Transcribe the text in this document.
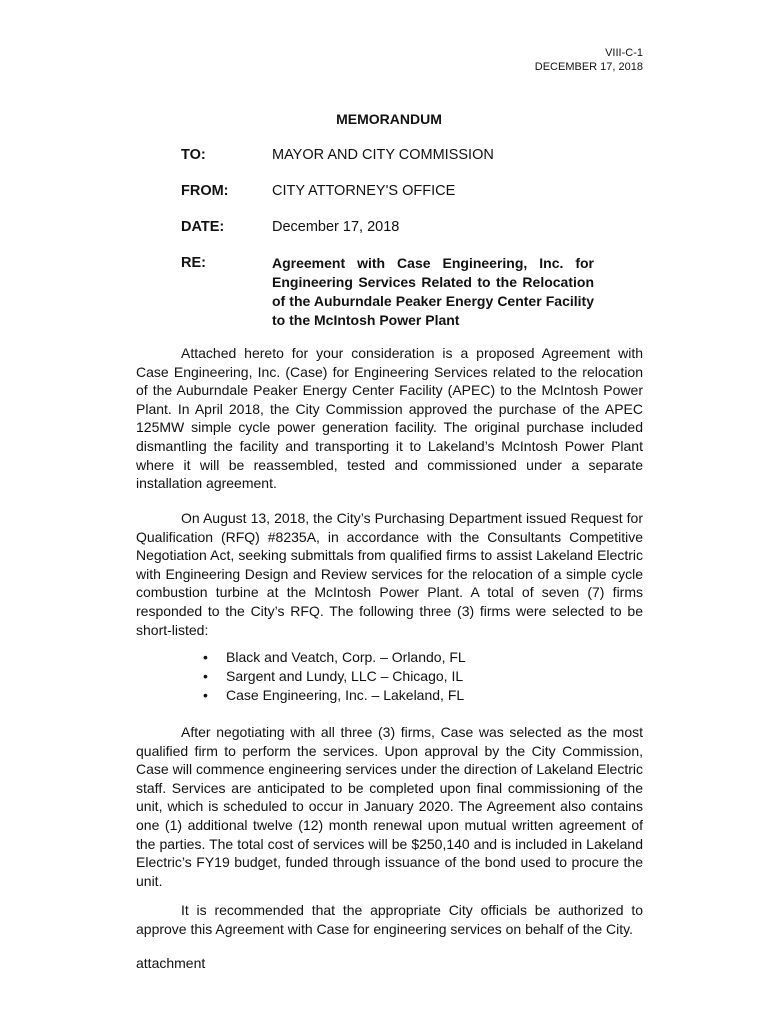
VIII-C-1
DECEMBER 17, 2018
MEMORANDUM
TO:	MAYOR AND CITY COMMISSION
FROM:	CITY ATTORNEY'S OFFICE
DATE:	December 17, 2018
RE:	Agreement with Case Engineering, Inc. for Engineering Services Related to the Relocation of the Auburndale Peaker Energy Center Facility to the McIntosh Power Plant

Attached hereto for your consideration is a proposed Agreement with Case Engineering, Inc. (Case) for Engineering Services related to the relocation of the Auburndale Peaker Energy Center Facility (APEC) to the McIntosh Power Plant. In April 2018, the City Commission approved the purchase of the APEC 125MW simple cycle power generation facility. The original purchase included dismantling the facility and transporting it to Lakeland’s McIntosh Power Plant where it will be reassembled, tested and commissioned under a separate installation agreement.

On August 13, 2018, the City’s Purchasing Department issued Request for Qualification (RFQ) #8235A, in accordance with the Consultants Competitive Negotiation Act, seeking submittals from qualified firms to assist Lakeland Electric with Engineering Design and Review services for the relocation of a simple cycle combustion turbine at the McIntosh Power Plant. A total of seven (7) firms responded to the City’s RFQ. The following three (3) firms were selected to be short-listed:

• Black and Veatch, Corp. – Orlando, FL
• Sargent and Lundy, LLC – Chicago, IL
• Case Engineering, Inc. – Lakeland, FL

After negotiating with all three (3) firms, Case was selected as the most qualified firm to perform the services. Upon approval by the City Commission, Case will commence engineering services under the direction of Lakeland Electric staff. Services are anticipated to be completed upon final commissioning of the unit, which is scheduled to occur in January 2020. The Agreement also contains one (1) additional twelve (12) month renewal upon mutual written agreement of the parties. The total cost of services will be $250,140 and is included in Lakeland Electric’s FY19 budget, funded through issuance of the bond used to procure the unit.

It is recommended that the appropriate City officials be authorized to approve this Agreement with Case for engineering services on behalf of the City.

attachment
